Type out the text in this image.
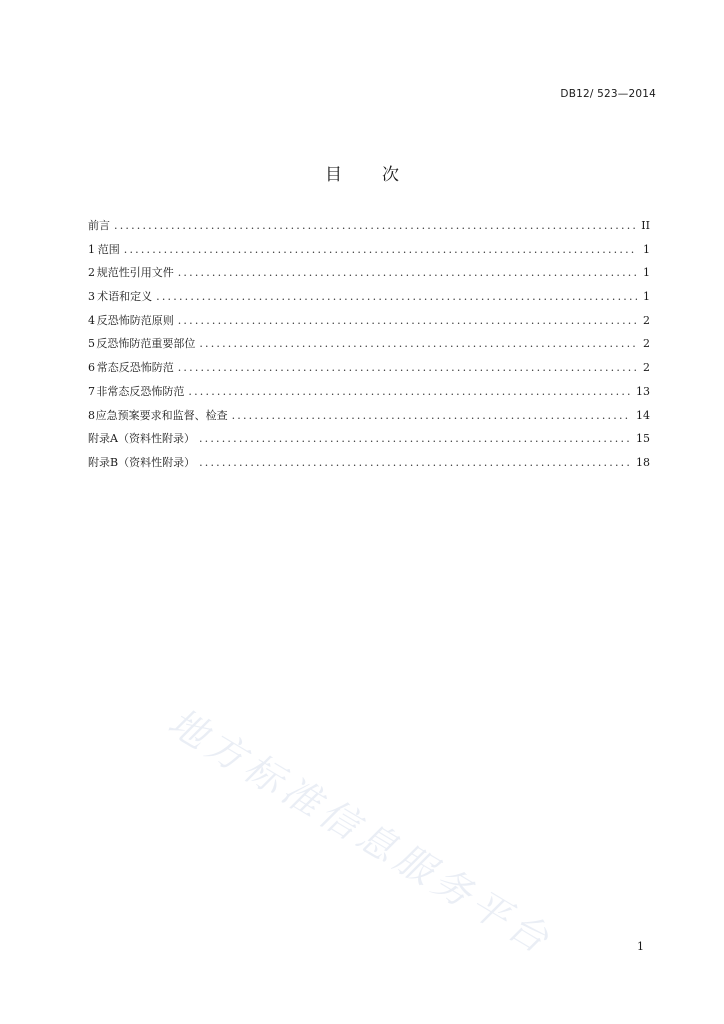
DB12/ 523—2014
目 次
前言 .....	II
1 范围 .....	1
2 规范性引用文件 .....	1
3 术语和定义 .....	1
4 反恐怖防范原则 .....	2
5 反恐怖防范重要部位 .....	2
6 常态反恐怖防范 .....	2
7 非常态反恐怖防范 .....	13
8 应急预案要求和监督、检查 .....	14
附录A（资料性附录） .....	15
附录B（资料性附录） .....	18
地方标准信息服务平台	1
